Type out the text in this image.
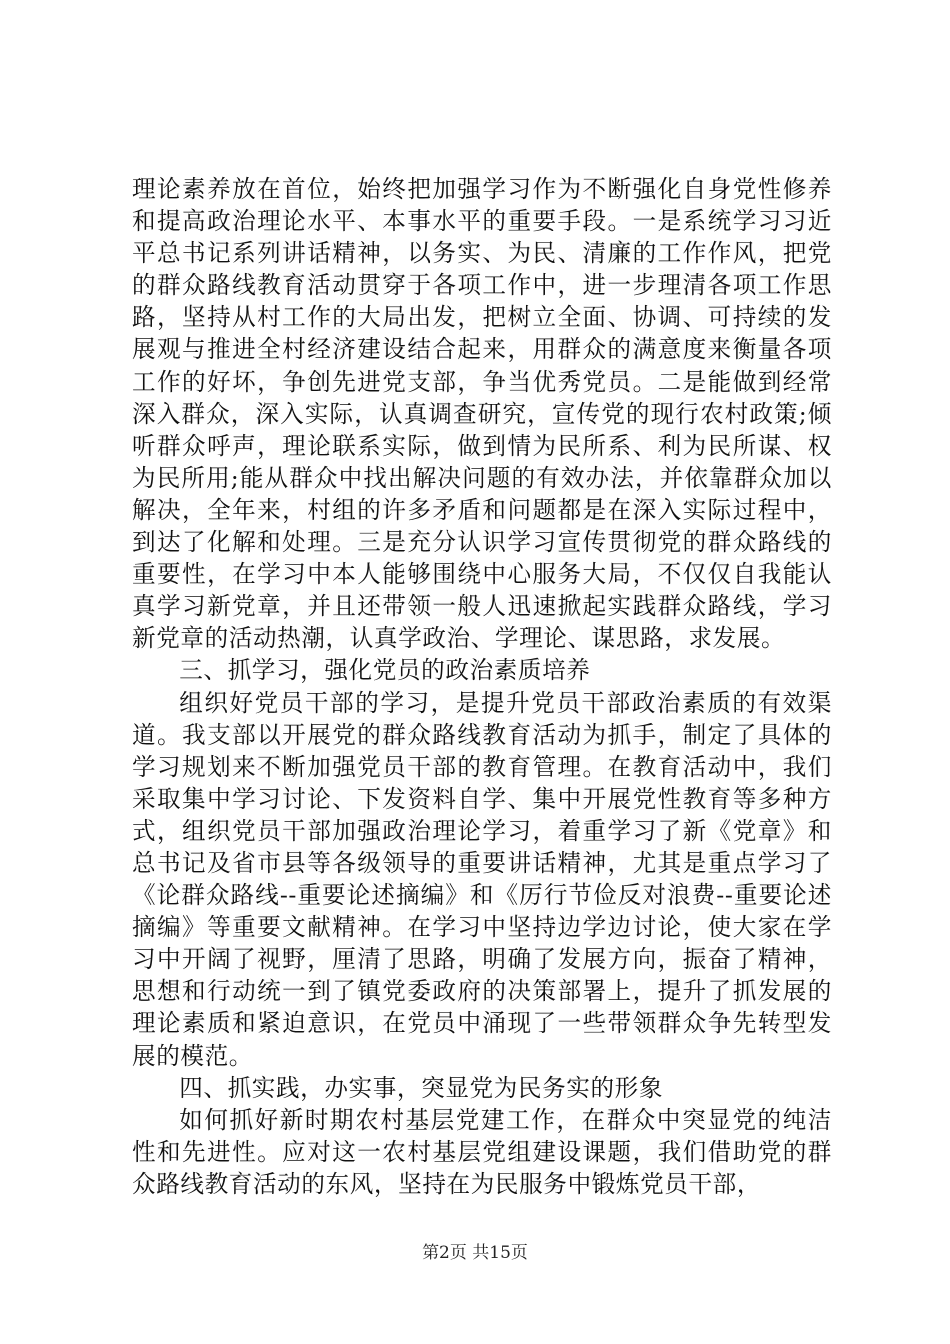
理论素养放在首位，始终把加强学习作为不断强化自身党性修养和提高政治理论水平、本事水平的重要手段。一是系统学习习近平总书记系列讲话精神，以务实、为民、清廉的工作作风，把党的群众路线教育活动贯穿于各项工作中，进一步理清各项工作思路，坚持从村工作的大局出发，把树立全面、协调、可持续的发展观与推进全村经济建设结合起来，用群众的满意度来衡量各项工作的好坏，争创先进党支部，争当优秀党员。二是能做到经常深入群众，深入实际，认真调查研究，宣传党的现行农村政策;倾听群众呼声，理论联系实际，做到情为民所系、利为民所谋、权为民所用;能从群众中找出解决问题的有效办法，并依靠群众加以解决，全年来，村组的许多矛盾和问题都是在深入实际过程中，到达了化解和处理。三是充分认识学习宣传贯彻党的群众路线的重要性，在学习中本人能够围绕中心服务大局，不仅仅自我能认真学习新党章，并且还带领一般人迅速掀起实践群众路线，学习新党章的活动热潮，认真学政治、学理论、谋思路，求发展。

三、抓学习，强化党员的政治素质培养

组织好党员干部的学习，是提升党员干部政治素质的有效渠道。我支部以开展党的群众路线教育活动为抓手，制定了具体的学习规划来不断加强党员干部的教育管理。在教育活动中，我们采取集中学习讨论、下发资料自学、集中开展党性教育等多种方式，组织党员干部加强政治理论学习，着重学习了新《党章》和总书记及省市县等各级领导的重要讲话精神，尤其是重点学习了《论群众路线--重要论述摘编》和《厉行节俭反对浪费--重要论述摘编》等重要文献精神。在学习中坚持边学边讨论，使大家在学习中开阔了视野，厘清了思路，明确了发展方向，振奋了精神，思想和行动统一到了镇党委政府的决策部署上，提升了抓发展的理论素质和紧迫意识，在党员中涌现了一些带领群众争先转型发展的模范。

四、抓实践，办实事，突显党为民务实的形象

如何抓好新时期农村基层党建工作，在群众中突显党的纯洁性和先进性。应对这一农村基层党组建设课题，我们借助党的群众路线教育活动的东风，坚持在为民服务中锻炼党员干部，

第2页 共15页
